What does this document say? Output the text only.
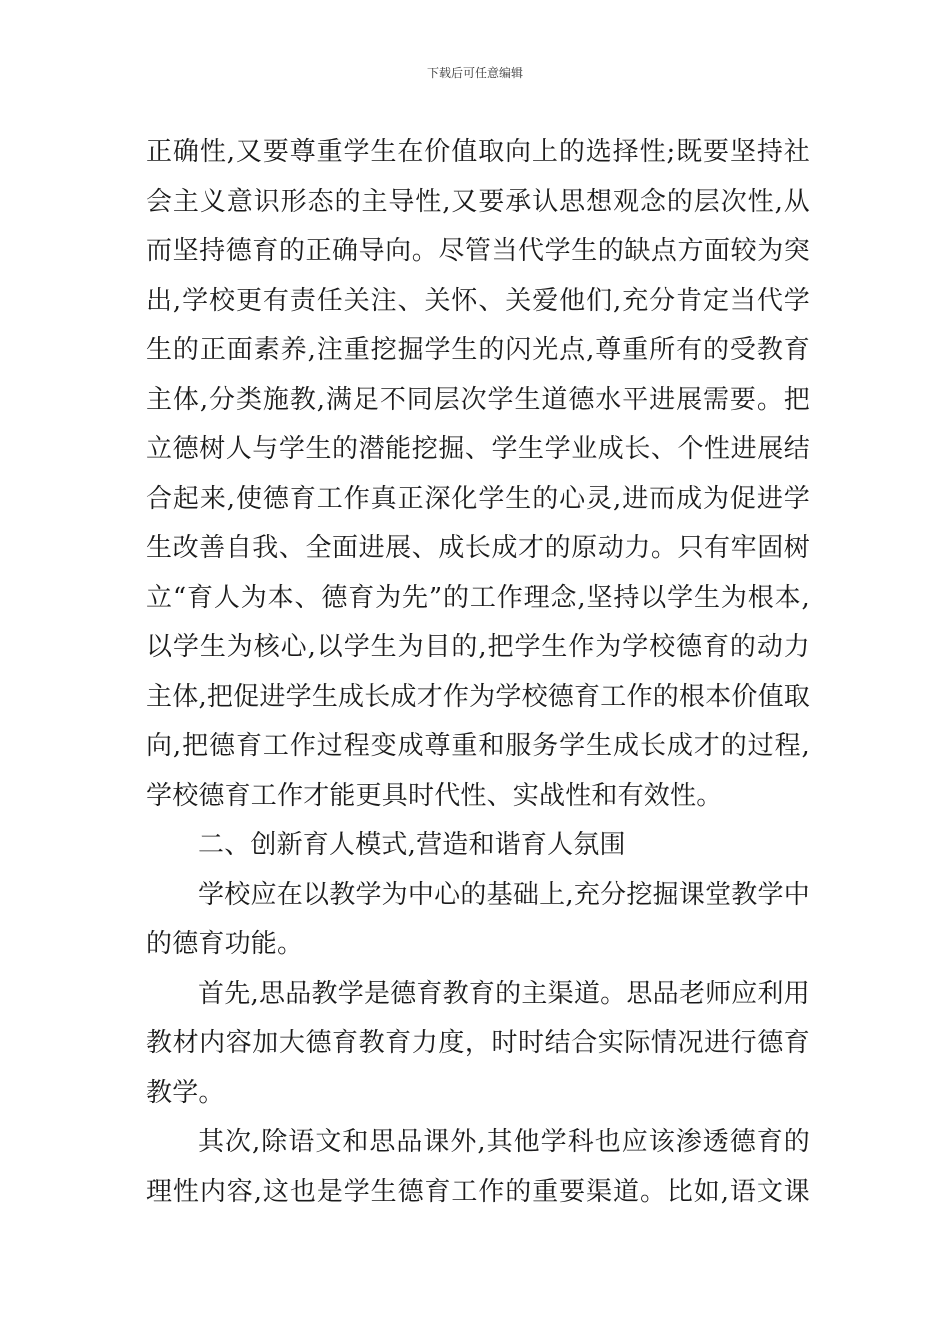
下载后可任意编辑
正确性,又要尊重学生在价值取向上的选择性;既要坚持社
会主义意识形态的主导性,又要承认思想观念的层次性,从
而坚持德育的正确导向。尽管当代学生的缺点方面较为突
出,学校更有责任关注、关怀、关爱他们,充分肯定当代学
生的正面素养,注重挖掘学生的闪光点,尊重所有的受教育
主体,分类施教,满足不同层次学生道德水平进展需要。把
立德树人与学生的潜能挖掘、学生学业成长、个性进展结
合起来,使德育工作真正深化学生的心灵,进而成为促进学
生改善自我、全面进展、成长成才的原动力。只有牢固树
立“育人为本、德育为先”的工作理念,坚持以学生为根本,
以学生为核心,以学生为目的,把学生作为学校德育的动力
主体,把促进学生成长成才作为学校德育工作的根本价值取
向,把德育工作过程变成尊重和服务学生成长成才的过程,
学校德育工作才能更具时代性、实战性和有效性。
二、创新育人模式,营造和谐育人氛围
学校应在以教学为中心的基础上,充分挖掘课堂教学中
的德育功能。
首先,思品教学是德育教育的主渠道。思品老师应利用
教材内容加大德育教育力度，时时结合实际情况进行德育
教学。
其次,除语文和思品课外,其他学科也应该渗透德育的
理性内容,这也是学生德育工作的重要渠道。比如,语文课
